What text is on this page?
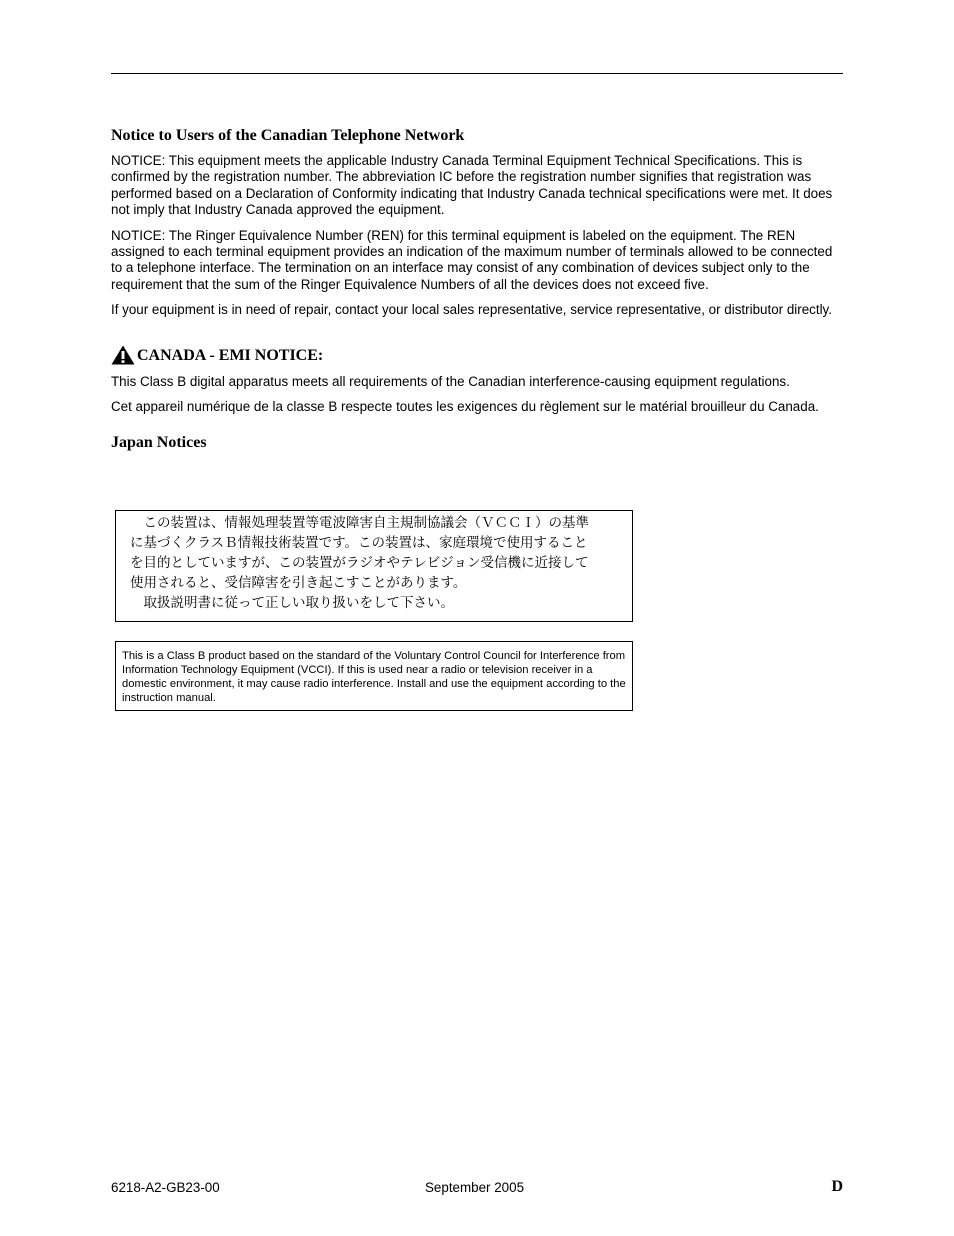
Notice to Users of the Canadian Telephone Network

NOTICE: This equipment meets the applicable Industry Canada Terminal Equipment Technical Specifications. This is confirmed by the registration number. The abbreviation IC before the registration number signifies that registration was performed based on a Declaration of Conformity indicating that Industry Canada technical specifications were met. It does not imply that Industry Canada approved the equipment.

NOTICE: The Ringer Equivalence Number (REN) for this terminal equipment is labeled on the equipment. The REN assigned to each terminal equipment provides an indication of the maximum number of terminals allowed to be connected to a telephone interface. The termination on an interface may consist of any combination of devices subject only to the requirement that the sum of the Ringer Equivalence Numbers of all the devices does not exceed five.

If your equipment is in need of repair, contact your local sales representative, service representative, or distributor directly.

CANADA - EMI NOTICE:

This Class B digital apparatus meets all requirements of the Canadian interference-causing equipment regulations.

Cet appareil numérique de la classe B respecte toutes les exigences du règlement sur le matérial brouilleur du Canada.

Japan Notices
　この装置は、情報処理装置等電波障害自主規制協議会（ＶＣＣＩ）の基準
に基づくクラスＢ情報技術装置です。この装置は、家庭環境で使用すること
を目的としていますが、この装置がラジオやテレビジョン受信機に近接して
使用されると、受信障害を引き起こすことがあります。
　取扱説明書に従って正しい取り扱いをして下さい。

This is a Class B product based on the standard of the Voluntary Control Council for Interference from Information Technology Equipment (VCCI). If this is used near a radio or television receiver in a domestic environment, it may cause radio interference. Install and use the equipment according to the instruction manual.

6218-A2-GB23-00	September 2005	D
